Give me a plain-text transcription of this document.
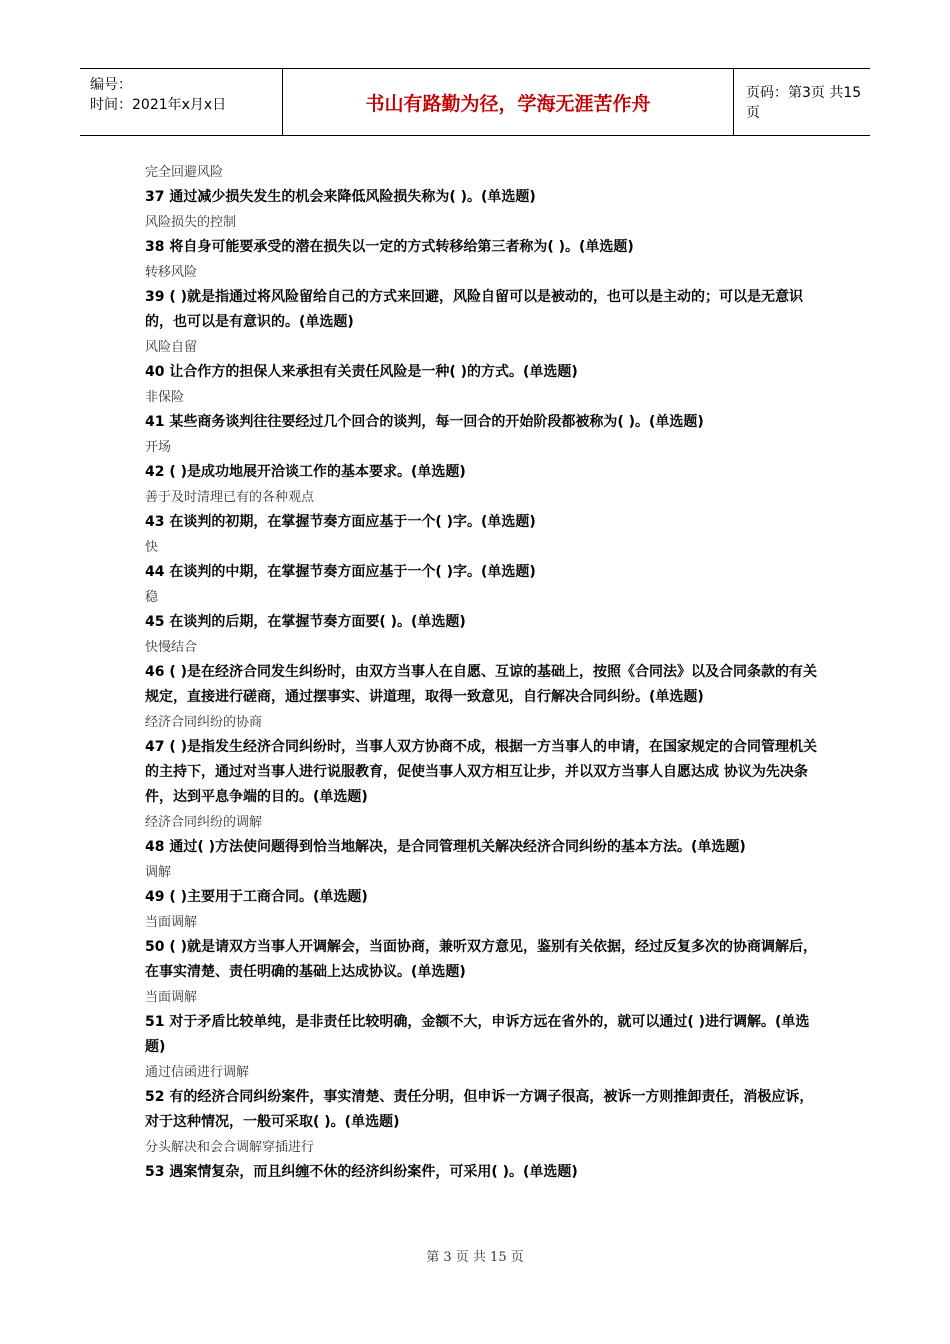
编号：
时间：2021年x月x日	书山有路勤为径，学海无涯苦作舟	页码：第3页 共15页
完全回避风险
37 通过减少损失发生的机会来降低风险损失称为( )。(单选题)
风险损失的控制
38 将自身可能要承受的潜在损失以一定的方式转移给第三者称为( )。(单选题)
转移风险
39 ( )就是指通过将风险留给自己的方式来回避，风险自留可以是被动的，也可以是主动的；可以是无意识的，也可以是有意识的。(单选题)
风险自留
40 让合作方的担保人来承担有关责任风险是一种( )的方式。(单选题)
非保险
41 某些商务谈判往往要经过几个回合的谈判，每一回合的开始阶段都被称为( )。(单选题)
开场
42 ( )是成功地展开洽谈工作的基本要求。(单选题)
善于及时清理已有的各种观点
43 在谈判的初期，在掌握节奏方面应基于一个( )字。(单选题)
快
44 在谈判的中期，在掌握节奏方面应基于一个( )字。(单选题)
稳
45 在谈判的后期，在掌握节奏方面要( )。(单选题)
快慢结合
46 ( )是在经济合同发生纠纷时，由双方当事人在自愿、互谅的基础上，按照《合同法》以及合同条款的有关规定，直接进行磋商，通过摆事实、讲道理，取得一致意见，自行解决合同纠纷。(单选题)
经济合同纠纷的协商
47 ( )是指发生经济合同纠纷时，当事人双方协商不成，根据一方当事人的申请，在国家规定的合同管理机关的主持下，通过对当事人进行说服教育，促使当事人双方相互让步，并以双方当事人自愿达成 协议为先决条件，达到平息争端的目的。(单选题)
经济合同纠纷的调解
48 通过( )方法使问题得到恰当地解决，是合同管理机关解决经济合同纠纷的基本方法。(单选题)
调解
49 ( )主要用于工商合同。(单选题)
当面调解
50 ( )就是请双方当事人开调解会，当面协商，兼听双方意见，鉴别有关依据，经过反复多次的协商调解后，在事实清楚、责任明确的基础上达成协议。(单选题)
当面调解
51 对于矛盾比较单纯，是非责任比较明确，金额不大，申诉方远在省外的，就可以通过( )进行调解。(单选题)
通过信函进行调解
52 有的经济合同纠纷案件，事实清楚、责任分明，但申诉一方调子很高，被诉一方则推卸责任，消极应诉，对于这种情况，一般可采取( )。(单选题)
分头解决和会合调解穿插进行
53 遇案情复杂，而且纠缠不休的经济纠纷案件，可采用( )。(单选题)
第 3 页 共 15 页
